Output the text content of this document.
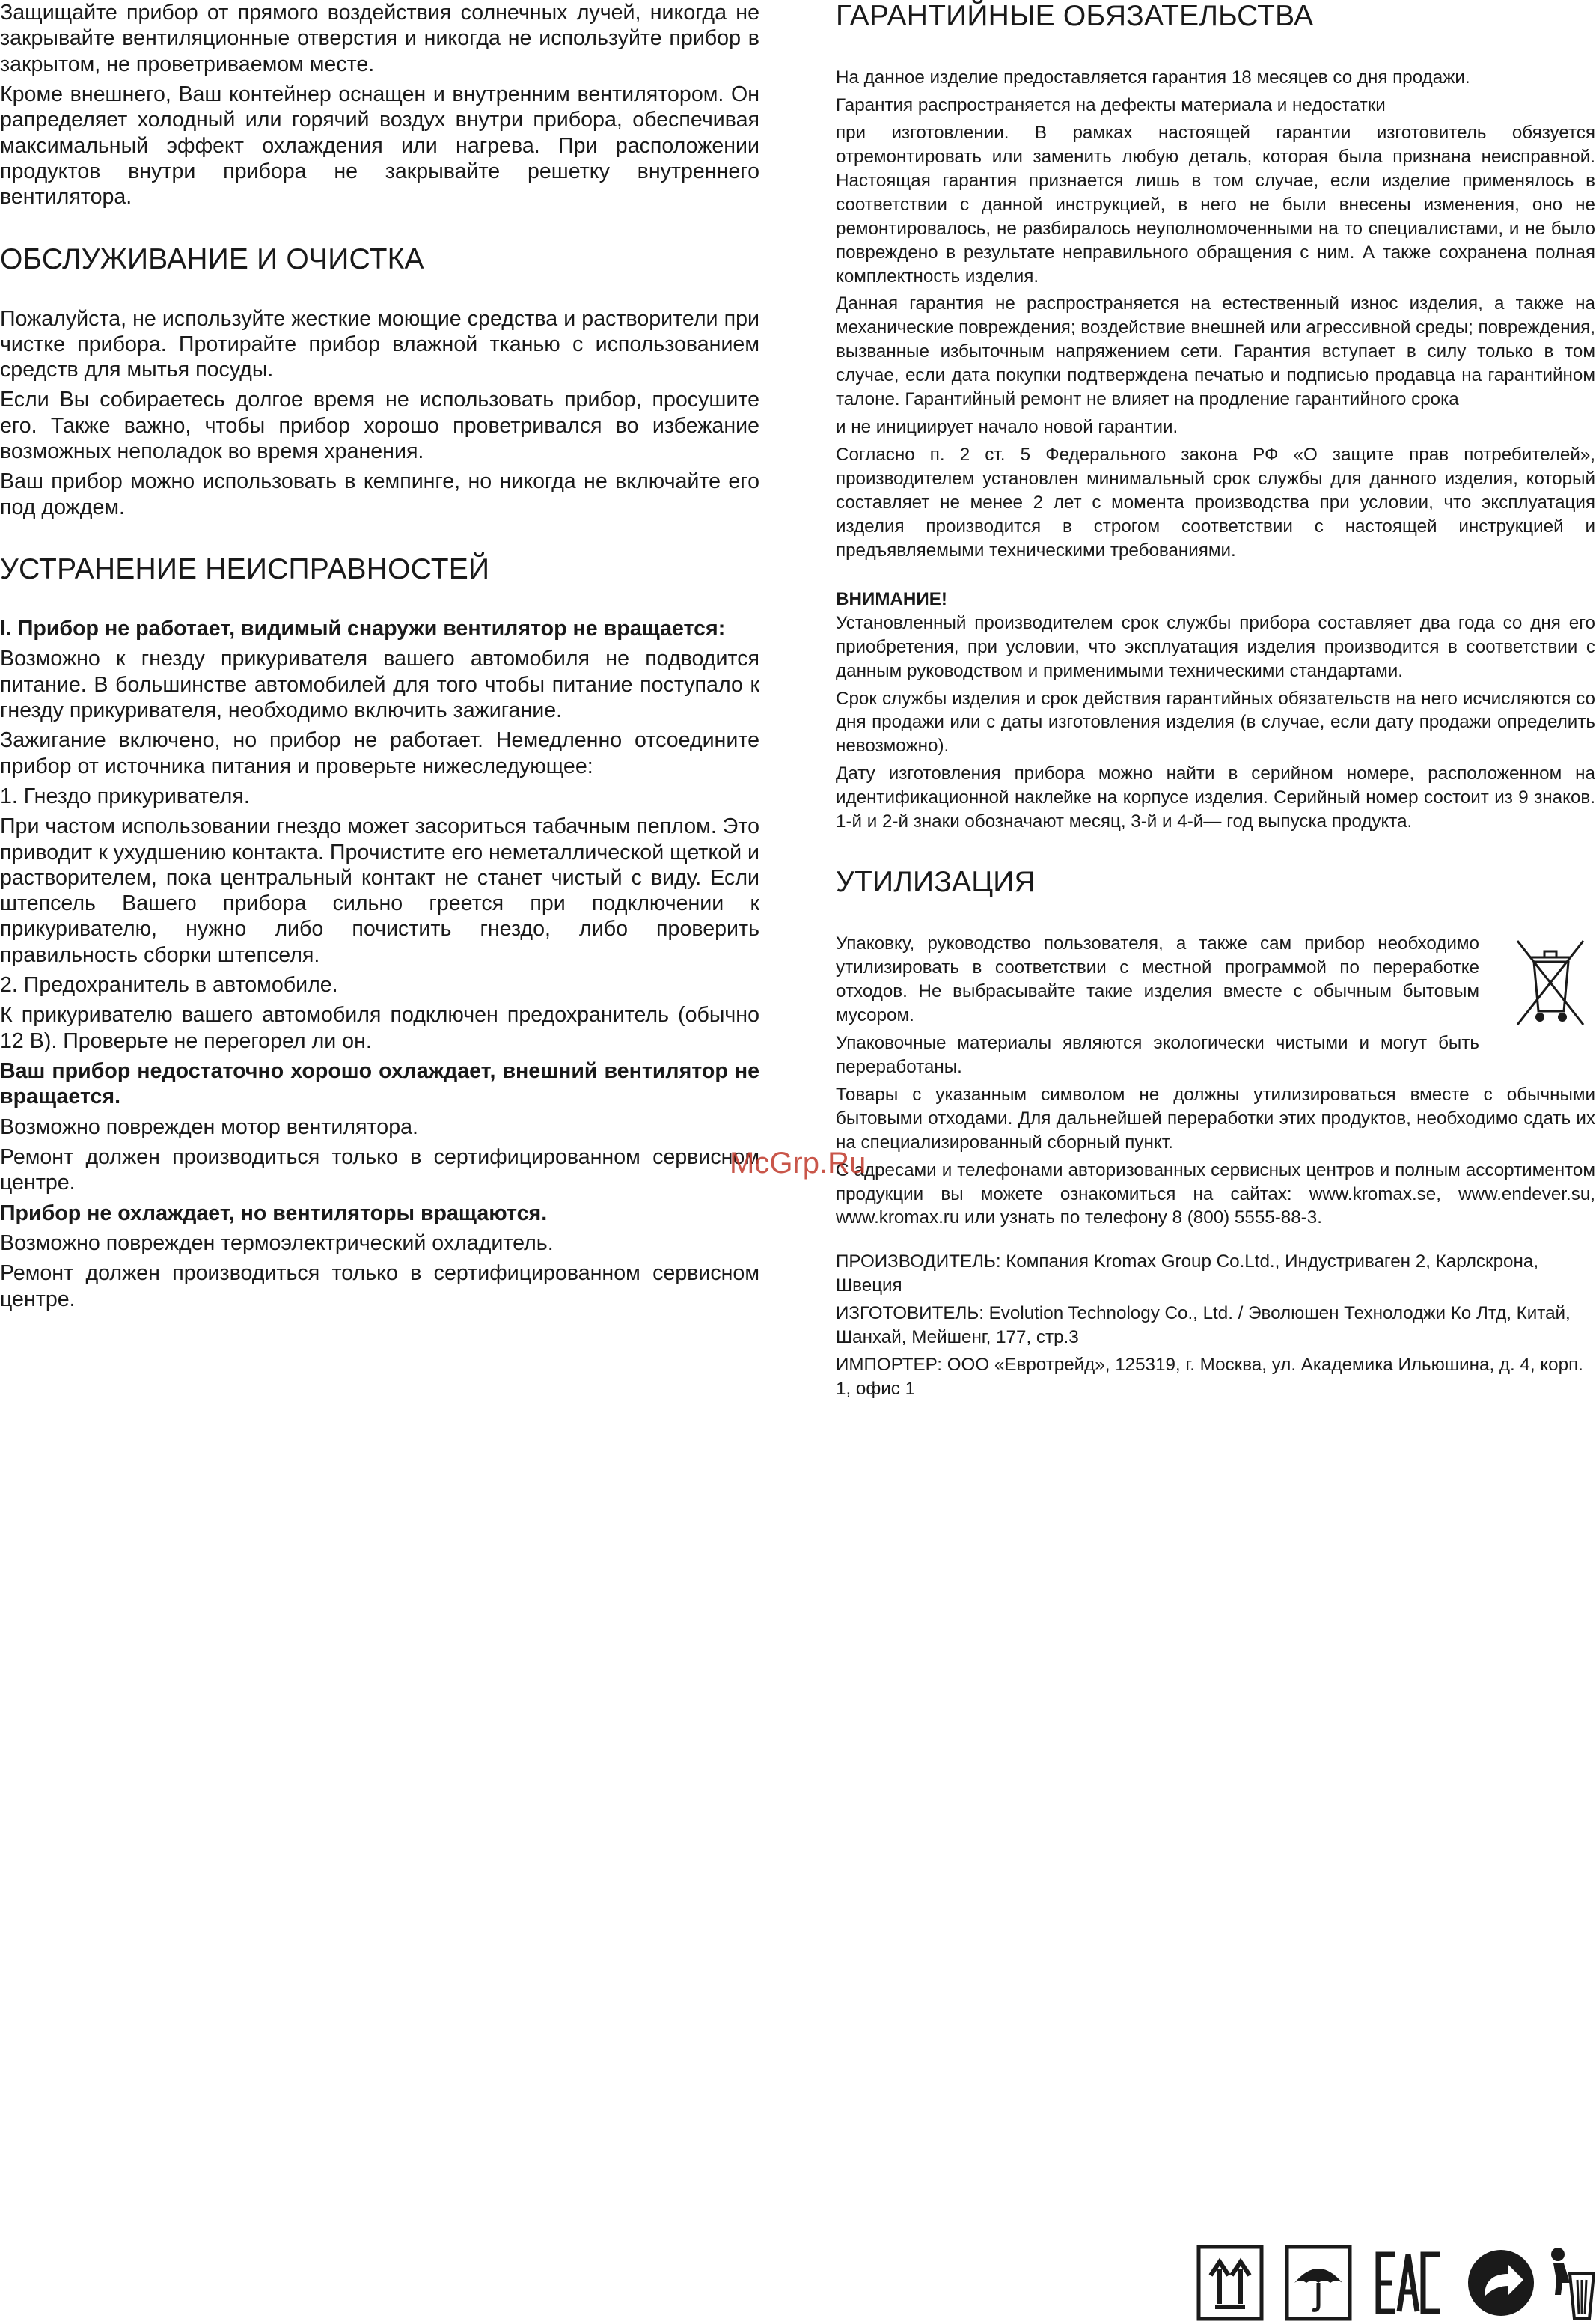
Защищайте прибор от прямого воздействия солнечных лучей, никогда не закрывайте вентиляционные отверстия и никогда не используйте прибор в закрытом, не проветриваемом месте.

Кроме внешнего, Ваш контейнер оснащен и внутренним вентилятором. Он рапределяет холодный или горячий воздух внутри прибора, обеспечивая максимальный эффект охлаждения или нагрева. При расположении продуктов внутри прибора не закрывайте решетку внутреннего вентилятора.

ОБСЛУЖИВАНИЕ И ОЧИСТКА

Пожалуйста, не используйте жесткие моющие средства и растворители при чистке прибора. Протирайте прибор влажной тканью с использованием средств для мытья посуды.

Если Вы собираетесь долгое время не использовать прибор, просушите его. Также важно, чтобы прибор хорошо проветривался во избежание возможных неполадок во время хранения.

Ваш прибор можно использовать в кемпинге, но никогда не включайте его под дождем.

УСТРАНЕНИЕ НЕИСПРАВНОСТЕЙ

I. Прибор не работает, видимый снаружи вентилятор не вращается:

Возможно к гнезду прикуривателя вашего автомобиля не подводится питание. В большинстве автомобилей для того чтобы питание поступало к гнезду прикуривателя, необходимо включить зажигание.

Зажигание включено, но прибор не работает. Немедленно отсоедините прибор от источника питания и проверьте нижеследующее:

1. Гнездо прикуривателя.

При частом использовании гнездо может засориться табачным пеплом. Это приводит к ухудшению контакта. Прочистите его неметаллической щеткой и растворителем, пока центральный контакт не станет чистый с виду. Если штепсель Вашего прибора сильно греется при подключении к прикуривателю, нужно либо почистить гнездо, либо проверить правильность сборки штепселя.

2. Предохранитель в автомобиле.

К прикуривателю вашего автомобиля подключен предохранитель (обычно 12 В). Проверьте не перегорел ли он.

Ваш прибор недостаточно хорошо охлаждает, внешний вентилятор не вращается.

Возможно поврежден мотор вентилятора.

Ремонт должен производиться только в сертифицированном сервисном центре.

Прибор не охлаждает, но вентиляторы вращаются.

Возможно поврежден термоэлектрический охладитель.

Ремонт должен производиться только в сертифицированном сервисном центре.

ГАРАНТИЙНЫЕ ОБЯЗАТЕЛЬСТВА

На данное изделие предоставляется гарантия 18 месяцев со дня продажи.

Гарантия распространяется на дефекты материала и недостатки

при изготовлении. В рамках настоящей гарантии изготовитель обязуется отремонтировать или заменить любую деталь, которая была признана неисправной. Настоящая гарантия признается лишь в том случае, если изделие применялось в соответствии с данной инструкцией, в него не были внесены изменения, оно не ремонтировалось, не разбиралось неуполномоченными на то специалистами, и не было повреждено в результате неправильного обращения с ним. А также сохранена полная комплектность изделия.

Данная гарантия не распространяется на естественный износ изделия, а также на механические повреждения; воздействие внешней или агрессивной среды; повреждения, вызванные избыточным напряжением сети. Гарантия вступает в силу только в том случае, если дата покупки подтверждена печатью и подписью продавца на гарантийном талоне. Гарантийный ремонт не влияет на продление гарантийного срока

и не инициирует начало новой гарантии.

Согласно п. 2 ст. 5 Федерального закона РФ «О защите прав потребителей», производителем установлен минимальный срок службы для данного изделия, который составляет не менее 2 лет с момента производства при условии, что эксплуатация изделия производится в строгом соответствии с настоящей инструкцией и предъявляемыми техническими требованиями.

ВНИМАНИЕ!

Установленный производителем срок службы прибора составляет два года со дня его приобретения, при условии, что эксплуатация изделия производится в соответствии с данным руководством и применимыми техническими стандартами.

Срок службы изделия и срок действия гарантийных обязательств на него исчисляются со дня продажи или с даты изготовления изделия (в случае, если дату продажи определить невозможно).

Дату изготовления прибора можно найти в серийном номере, расположенном на идентификационной наклейке на корпусе изделия. Серийный номер состоит из 9 знаков. 1-й и 2-й знаки обозначают месяц, 3-й и 4-й— год выпуска продукта.

УТИЛИЗАЦИЯ

Упаковку, руководство пользователя, а также сам прибор необходимо утилизировать в соответствии с местной программой по переработке отходов. Не выбрасывайте такие изделия вместе с обычным бытовым мусором.

Упаковочные материалы являются экологически чистыми и могут быть переработаны.

Товары с указанным символом не должны утилизироваться вместе с обычными бытовыми отходами. Для дальнейшей переработки этих продуктов, необходимо сдать их на специализированный сборный пункт.

С адресами и телефонами авторизованных сервисных центров и полным ассортиментом продукции вы можете ознакомиться на сайтах: www.kromax.se, www.endever.su, www.kromax.ru или узнать по телефону 8 (800) 5555-88-3.

ПРОИЗВОДИТЕЛЬ: Компания Kromax Group Co.Ltd., Индустриваген 2, Карлскрона, Швеция

ИЗГОТОВИТЕЛЬ: Evolution Technology Co., Ltd. / Эволюшен Технолоджи Ко Лтд, Китай, Шанхай, Мейшенг, 177, стр.3

ИМПОРТЕР: ООО «Евротрейд», 125319, г. Москва, ул. Академика Ильюшина, д. 4, корп. 1, офис 1

McGrp.Ru
